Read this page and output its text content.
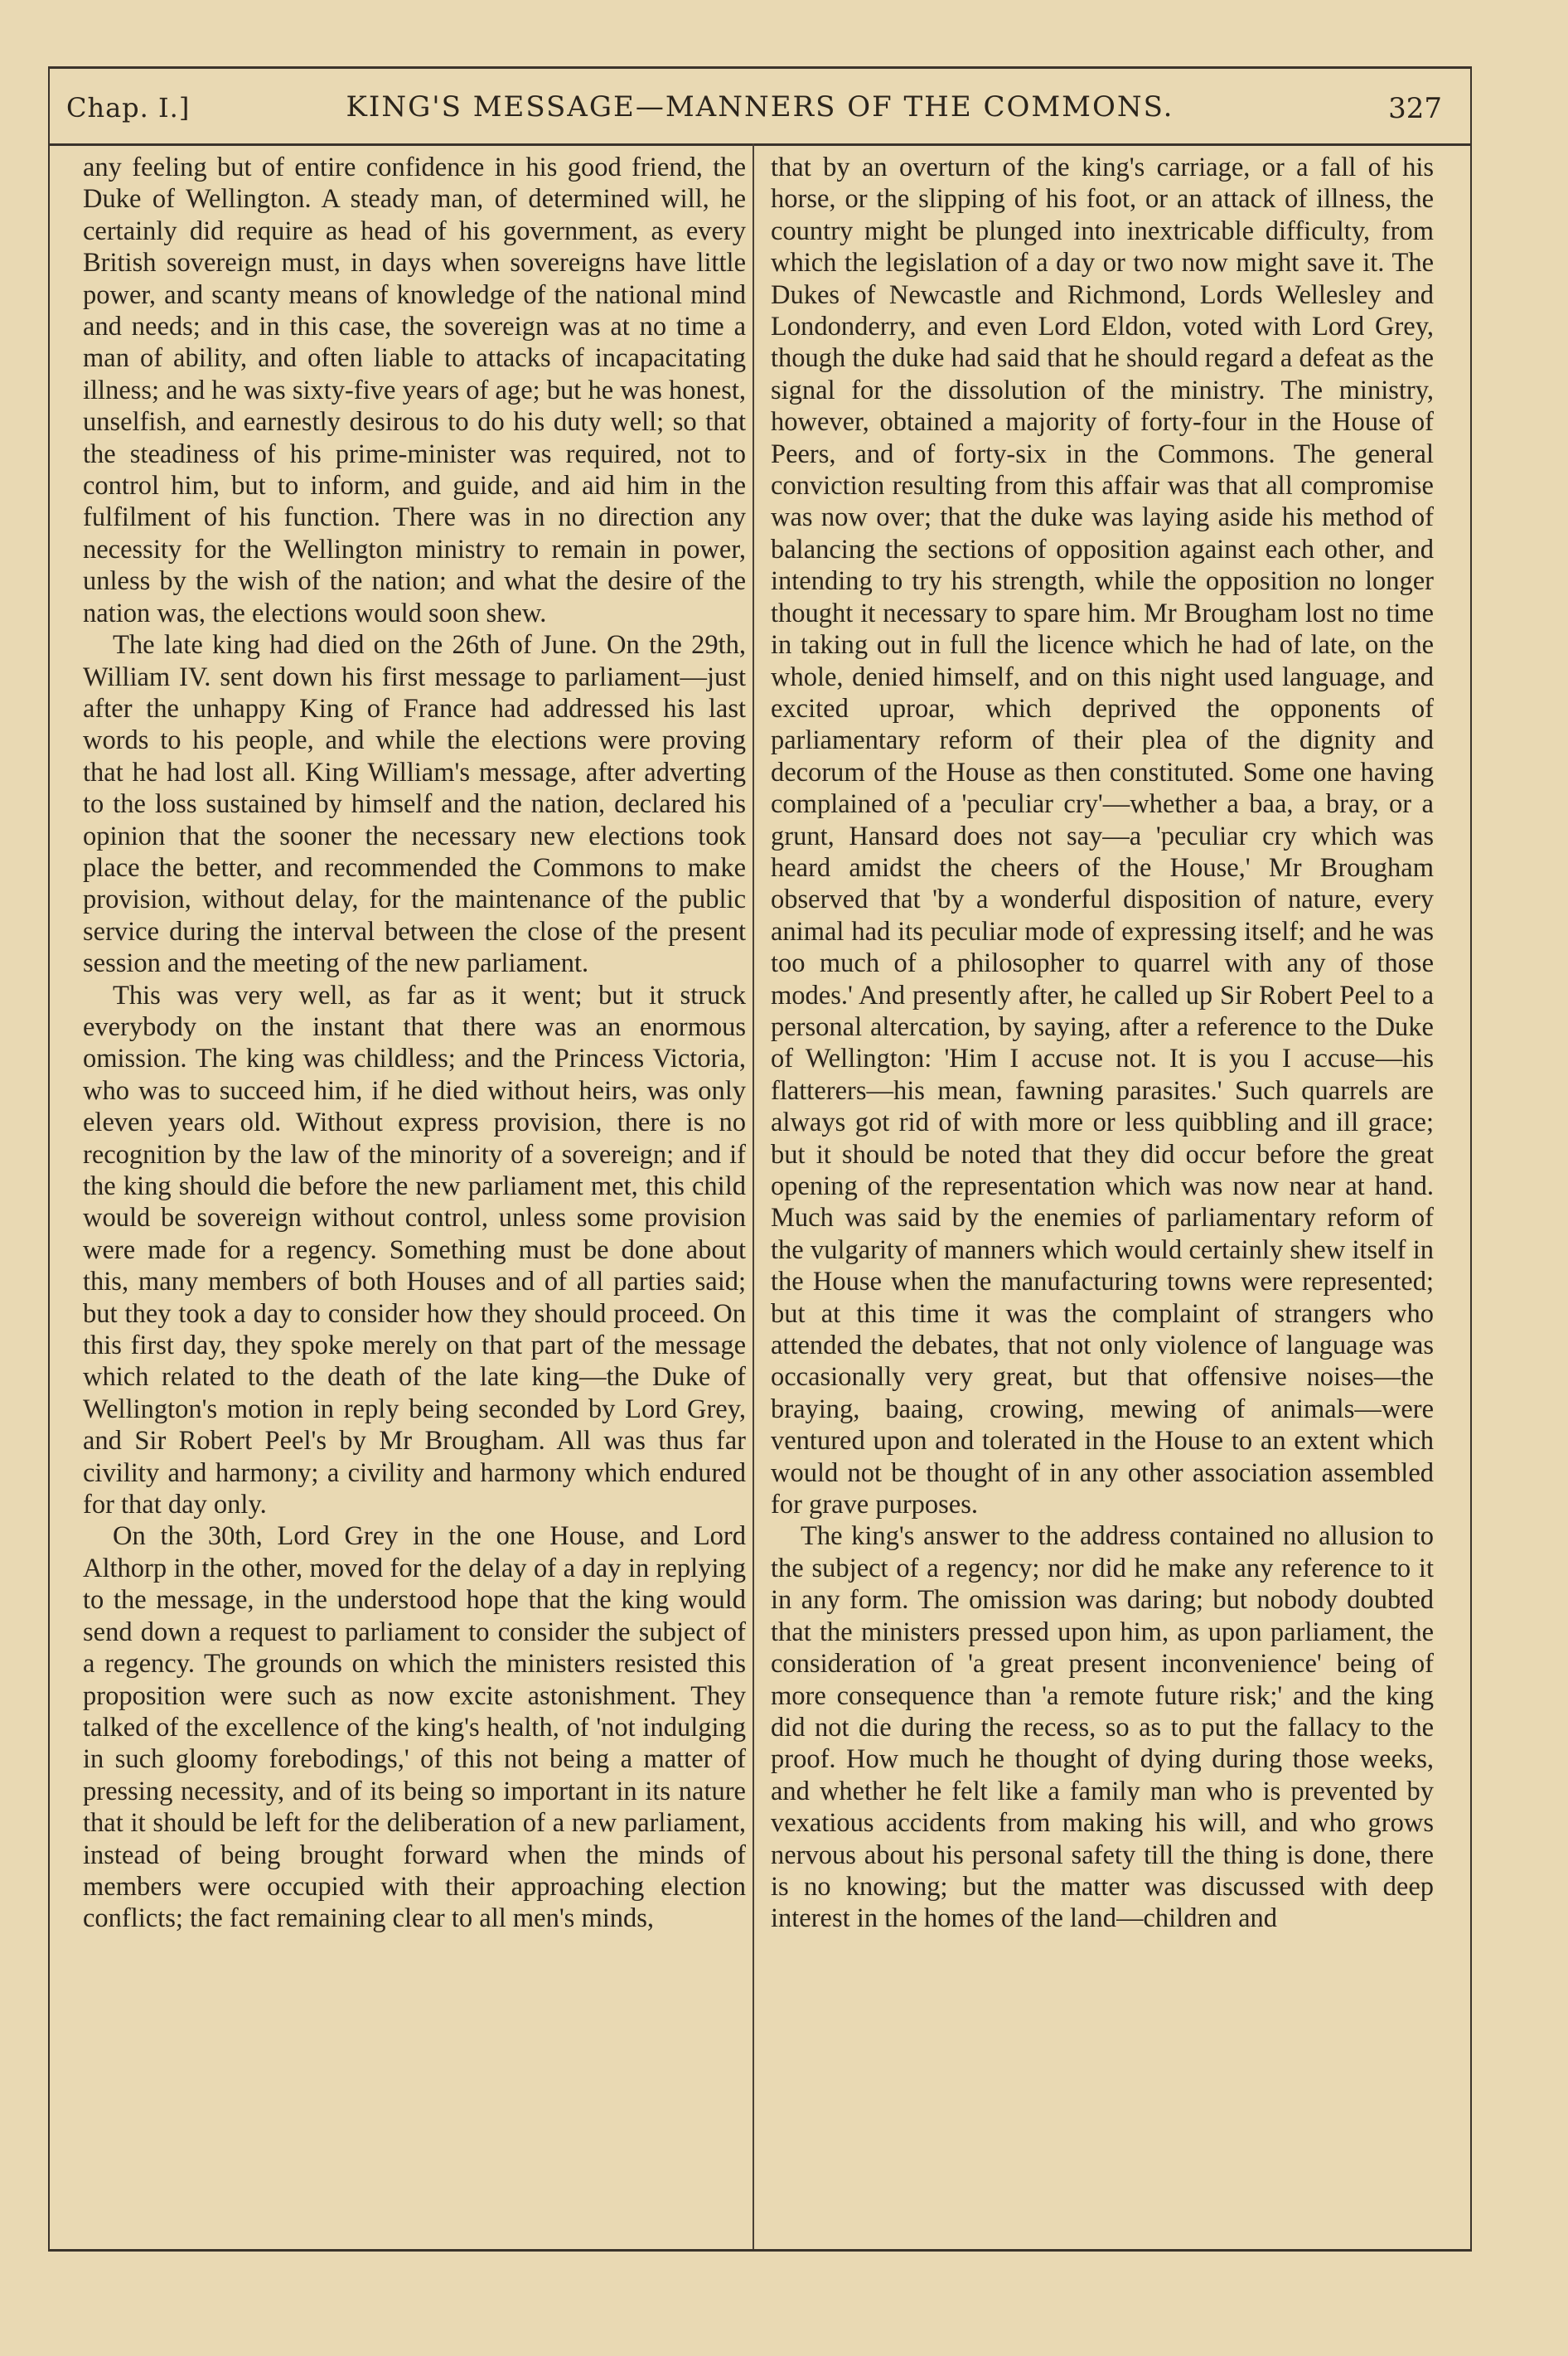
Chap. I.]	KING'S MESSAGE—MANNERS OF THE COMMONS.	327

any feeling but of entire confidence in his good friend, the Duke of Wellington. A steady man, of determined will, he certainly did require as head of his government, as every British sovereign must, in days when sovereigns have little power, and scanty means of knowledge of the national mind and needs; and in this case, the sovereign was at no time a man of ability, and often liable to attacks of incapacitating illness; and he was sixty-five years of age; but he was honest, unselfish, and earnestly desirous to do his duty well; so that the steadiness of his prime-minister was required, not to control him, but to inform, and guide, and aid him in the fulfilment of his function. There was in no direction any necessity for the Wellington ministry to remain in power, unless by the wish of the nation; and what the desire of the nation was, the elections would soon shew.

The late king had died on the 26th of June. On the 29th, William IV. sent down his first message to parliament—just after the unhappy King of France had addressed his last words to his people, and while the elections were proving that he had lost all. King William's message, after adverting to the loss sustained by himself and the nation, declared his opinion that the sooner the necessary new elections took place the better, and recommended the Commons to make provision, without delay, for the maintenance of the public service during the interval between the close of the present session and the meeting of the new parliament.

This was very well, as far as it went; but it struck everybody on the instant that there was an enormous omission. The king was childless; and the Princess Victoria, who was to succeed him, if he died without heirs, was only eleven years old. Without express provision, there is no recognition by the law of the minority of a sovereign; and if the king should die before the new parliament met, this child would be sovereign without control, unless some provision were made for a regency. Something must be done about this, many members of both Houses and of all parties said; but they took a day to consider how they should proceed. On this first day, they spoke merely on that part of the message which related to the death of the late king—the Duke of Wellington's motion in reply being seconded by Lord Grey, and Sir Robert Peel's by Mr Brougham. All was thus far civility and harmony; a civility and harmony which endured for that day only.

On the 30th, Lord Grey in the one House, and Lord Althorp in the other, moved for the delay of a day in replying to the message, in the understood hope that the king would send down a request to parliament to consider the subject of a regency. The grounds on which the ministers resisted this proposition were such as now excite astonishment. They talked of the excellence of the king's health, of 'not indulging in such gloomy forebodings,' of this not being a matter of pressing necessity, and of its being so important in its nature that it should be left for the deliberation of a new parliament, instead of being brought forward when the minds of members were occupied with their approaching election conflicts; the fact remaining clear to all men's minds,

that by an overturn of the king's carriage, or a fall of his horse, or the slipping of his foot, or an attack of illness, the country might be plunged into inextricable difficulty, from which the legislation of a day or two now might save it. The Dukes of Newcastle and Richmond, Lords Wellesley and Londonderry, and even Lord Eldon, voted with Lord Grey, though the duke had said that he should regard a defeat as the signal for the dissolution of the ministry. The ministry, however, obtained a majority of forty-four in the House of Peers, and of forty-six in the Commons. The general conviction resulting from this affair was that all compromise was now over; that the duke was laying aside his method of balancing the sections of opposition against each other, and intending to try his strength, while the opposition no longer thought it necessary to spare him. Mr Brougham lost no time in taking out in full the licence which he had of late, on the whole, denied himself, and on this night used language, and excited uproar, which deprived the opponents of parliamentary reform of their plea of the dignity and decorum of the House as then constituted. Some one having complained of a 'peculiar cry'—whether a baa, a bray, or a grunt, Hansard does not say—a 'peculiar cry which was heard amidst the cheers of the House,' Mr Brougham observed that 'by a wonderful disposition of nature, every animal had its peculiar mode of expressing itself; and he was too much of a philosopher to quarrel with any of those modes.' And presently after, he called up Sir Robert Peel to a personal altercation, by saying, after a reference to the Duke of Wellington: 'Him I accuse not. It is you I accuse—his flatterers—his mean, fawning parasites.' Such quarrels are always got rid of with more or less quibbling and ill grace; but it should be noted that they did occur before the great opening of the representation which was now near at hand. Much was said by the enemies of parliamentary reform of the vulgarity of manners which would certainly shew itself in the House when the manufacturing towns were represented; but at this time it was the complaint of strangers who attended the debates, that not only violence of language was occasionally very great, but that offensive noises—the braying, baaing, crowing, mewing of animals—were ventured upon and tolerated in the House to an extent which would not be thought of in any other association assembled for grave purposes.

The king's answer to the address contained no allusion to the subject of a regency; nor did he make any reference to it in any form. The omission was daring; but nobody doubted that the ministers pressed upon him, as upon parliament, the consideration of 'a great present inconvenience' being of more consequence than 'a remote future risk;' and the king did not die during the recess, so as to put the fallacy to the proof. How much he thought of dying during those weeks, and whether he felt like a family man who is prevented by vexatious accidents from making his will, and who grows nervous about his personal safety till the thing is done, there is no knowing; but the matter was discussed with deep interest in the homes of the land—children and
